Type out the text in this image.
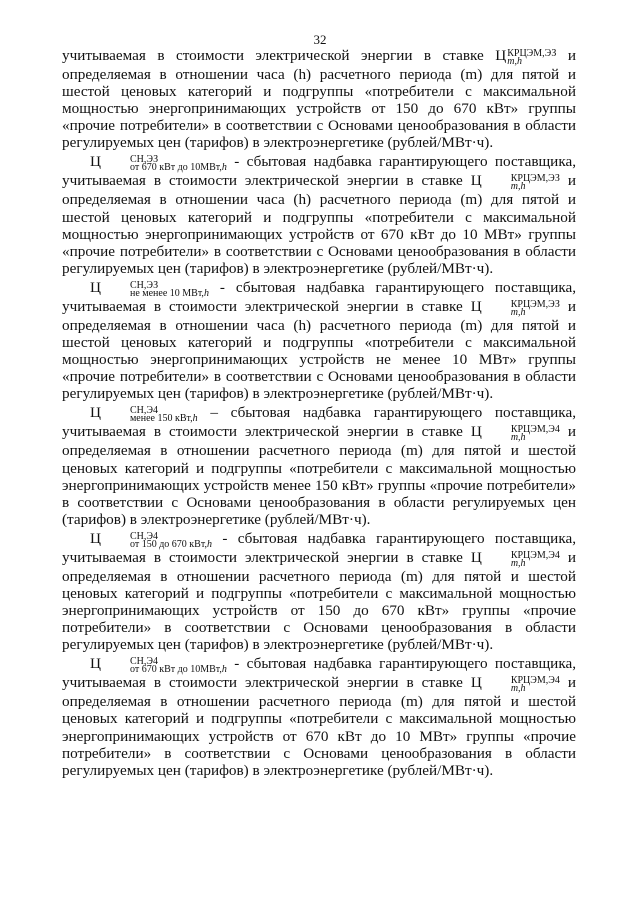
32

учитываемая в стоимости электрической энергии в ставке Ц КРЦЭМ,ЭЗ
m,h	и определяемая в отношении часа (h) расчетного периода (m) для пятой и шестой ценовых категорий и подгруппы «потребители с максимальной мощностью энергопринимающих устройств от 150 до 670 кВт» группы «прочие потребители» в соответствии с Основами ценообразования в области регулируемых цен (тарифов) в электроэнергетике (рублей/МВт·ч).

Ц	СН,ЭЗ
от 670 кВт до 10МВт,h - сбытовая надбавка гарантирующего поставщика, учитываемая в стоимости электрической энергии в ставке Ц	КРЦЭМ,ЭЗ
m,h	и определяемая в отношении часа (h) расчетного периода (m) для пятой и шестой ценовых категорий и подгруппы «потребители с максимальной мощностью энергопринимающих устройств от 670 кВт до 10 МВт» группы «прочие потребители» в соответствии с Основами ценообразования в области регулируемых цен (тарифов) в электроэнергетике (рублей/МВт·ч).

Ц	СН,ЭЗ
не менее 10 МВт,h - сбытовая надбавка гарантирующего поставщика, учитываемая в стоимости электрической энергии в ставке Ц	КРЦЭМ,ЭЗ
m,h	и определяемая в отношении часа (h) расчетного периода (m) для пятой и шестой ценовых категорий и подгруппы «потребители с максимальной мощностью энергопринимающих устройств не менее 10 МВт» группы «прочие потребители» в соответствии с Основами ценообразования в области регулируемых цен (тарифов) в электроэнергетике (рублей/МВт·ч).

Ц	СН,Э4
менее 150 кВт,h – сбытовая надбавка гарантирующего поставщика, учитываемая в стоимости электрической энергии в ставке Ц	КРЦЭМ,Э4
m,h	и определяемая в отношении расчетного периода (m) для пятой и шестой ценовых категорий и подгруппы «потребители с максимальной мощностью энергопринимающих устройств менее 150 кВт» группы «прочие потребители» в соответствии с Основами ценообразования в области регулируемых цен (тарифов) в электроэнергетике (рублей/МВт·ч).

Ц	СН,Э4
от 150 до 670 кВт,h - сбытовая надбавка гарантирующего поставщика, учитываемая в стоимости электрической энергии в ставке Ц	КРЦЭМ,Э4
m,h	и определяемая в отношении расчетного периода (m) для пятой и шестой ценовых категорий и подгруппы «потребители с максимальной мощностью энергопринимающих устройств от 150 до 670 кВт» группы «прочие потребители» в соответствии с Основами ценообразования в области регулируемых цен (тарифов) в электроэнергетике (рублей/МВт·ч).

Ц	СН,Э4
от 670 кВт до 10МВт,h - сбытовая надбавка гарантирующего поставщика, учитываемая в стоимости электрической энергии в ставке Ц	КРЦЭМ,Э4
m,h	и определяемая в отношении расчетного периода (m) для пятой и шестой ценовых категорий и подгруппы «потребители с максимальной мощностью энергопринимающих устройств от 670 кВт до 10 МВт» группы «прочие потребители» в соответствии с Основами ценообразования в области регулируемых цен (тарифов) в электроэнергетике (рублей/МВт·ч).
